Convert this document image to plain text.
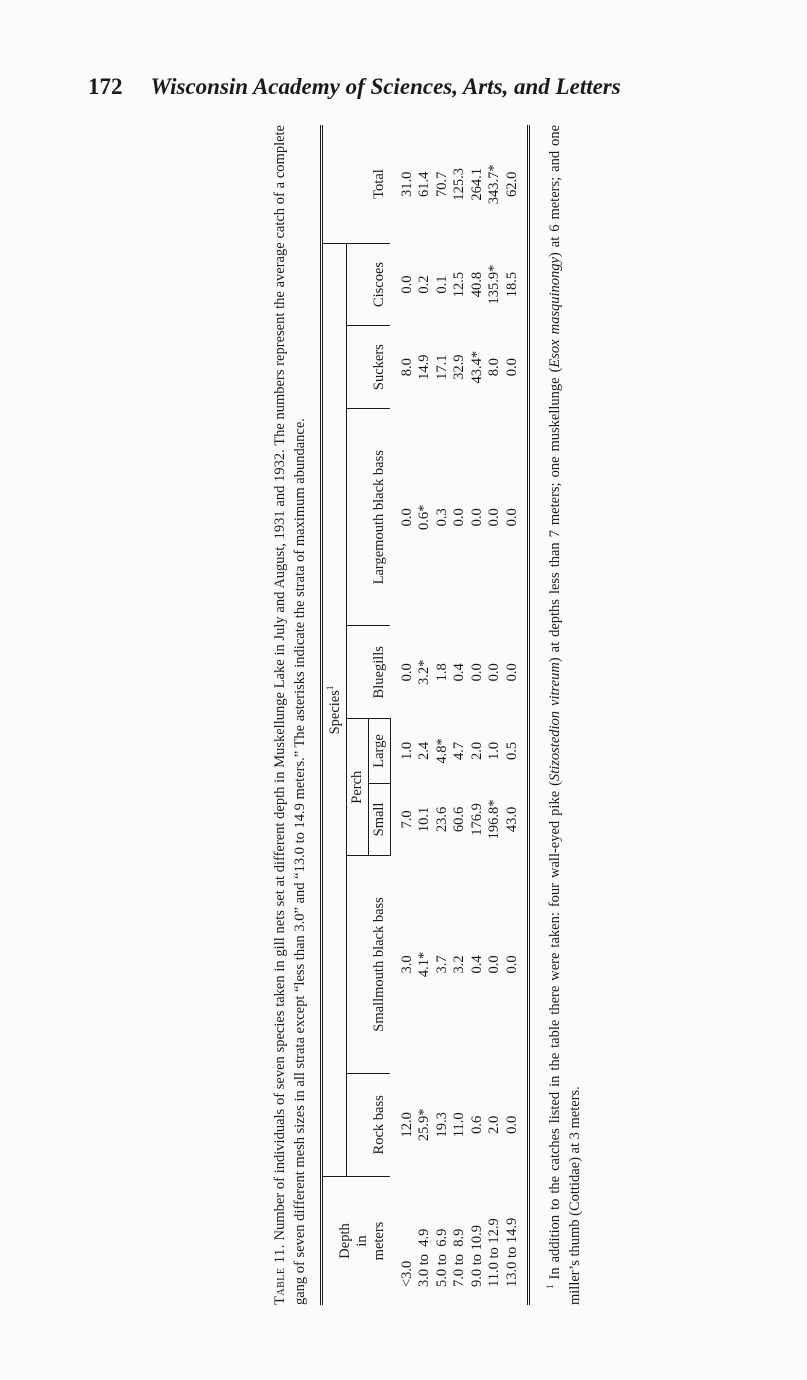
172 Wisconsin Academy of Sciences, Arts, and Letters

Table 11. Number of individuals of seven species taken in gill nets set at different depth in Muskellunge Lake in July and August, 1931 and 1932. The numbers represent the average catch of a complete gang of seven different mesh sizes in all strata except “less than 3.0” and “13.0 to 14.9 meters.” The asterisks indicate the strata of maximum abundance. Depth in meters	Species$^1$								Total
	Rock bass	Smallmouth black bass	Perch		Bluegills	Largemouth black bass	Suckers	Ciscoes	
			Small	Large					
<3.0	12.0	3.0	7.0	1.0	0.0	0.0	8.0	0.0	31.0
3.0 to  4.9	25.9*	4.1*	10.1	2.4	3.2*	0.6*	14.9	0.2	61.4
5.0 to  6.9	19.3	3.7	23.6	4.8*	1.8	0.3	17.1	0.1	70.7
7.0 to  8.9	11.0	3.2	60.6	4.7	0.4	0.0	32.9	12.5	125.3
9.0 to 10.9	0.6	0.4	176.9	2.0	0.0	0.0	43.4*	40.8	264.1
11.0 to 12.9	2.0	0.0	196.8*	1.0	0.0	0.0	8.0	135.9*	343.7*
13.0 to 14.9	0.0	0.0	43.0	0.5	0.0	0.0	0.0	18.5	62.0

$^1$ In addition to the catches listed in the table there were taken: four wall-eyed pike (Stizostedion vitreum) at depths less than 7 meters; one muskellunge (Esox masquinongy) at 6 meters; and one miller’s thumb (Cottidae) at 3 meters.
